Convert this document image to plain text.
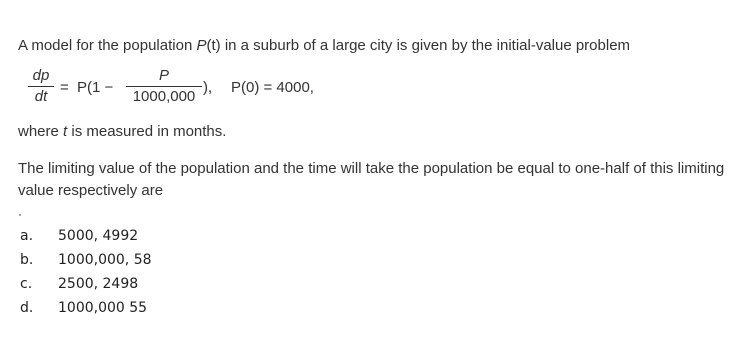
A model for the population P(t) in a suburb of a large city is given by the initial-value problem
dp
dt
= P(1 −
P
1000,000
), P(0) = 4000,
where t is measured in months.
The limiting value of the population and the time will take the population be equal to one-half of this limiting value respectively are
a. 5000, 4992
b. 1000,000, 58
c. 2500, 2498
d. 1000,000 55
